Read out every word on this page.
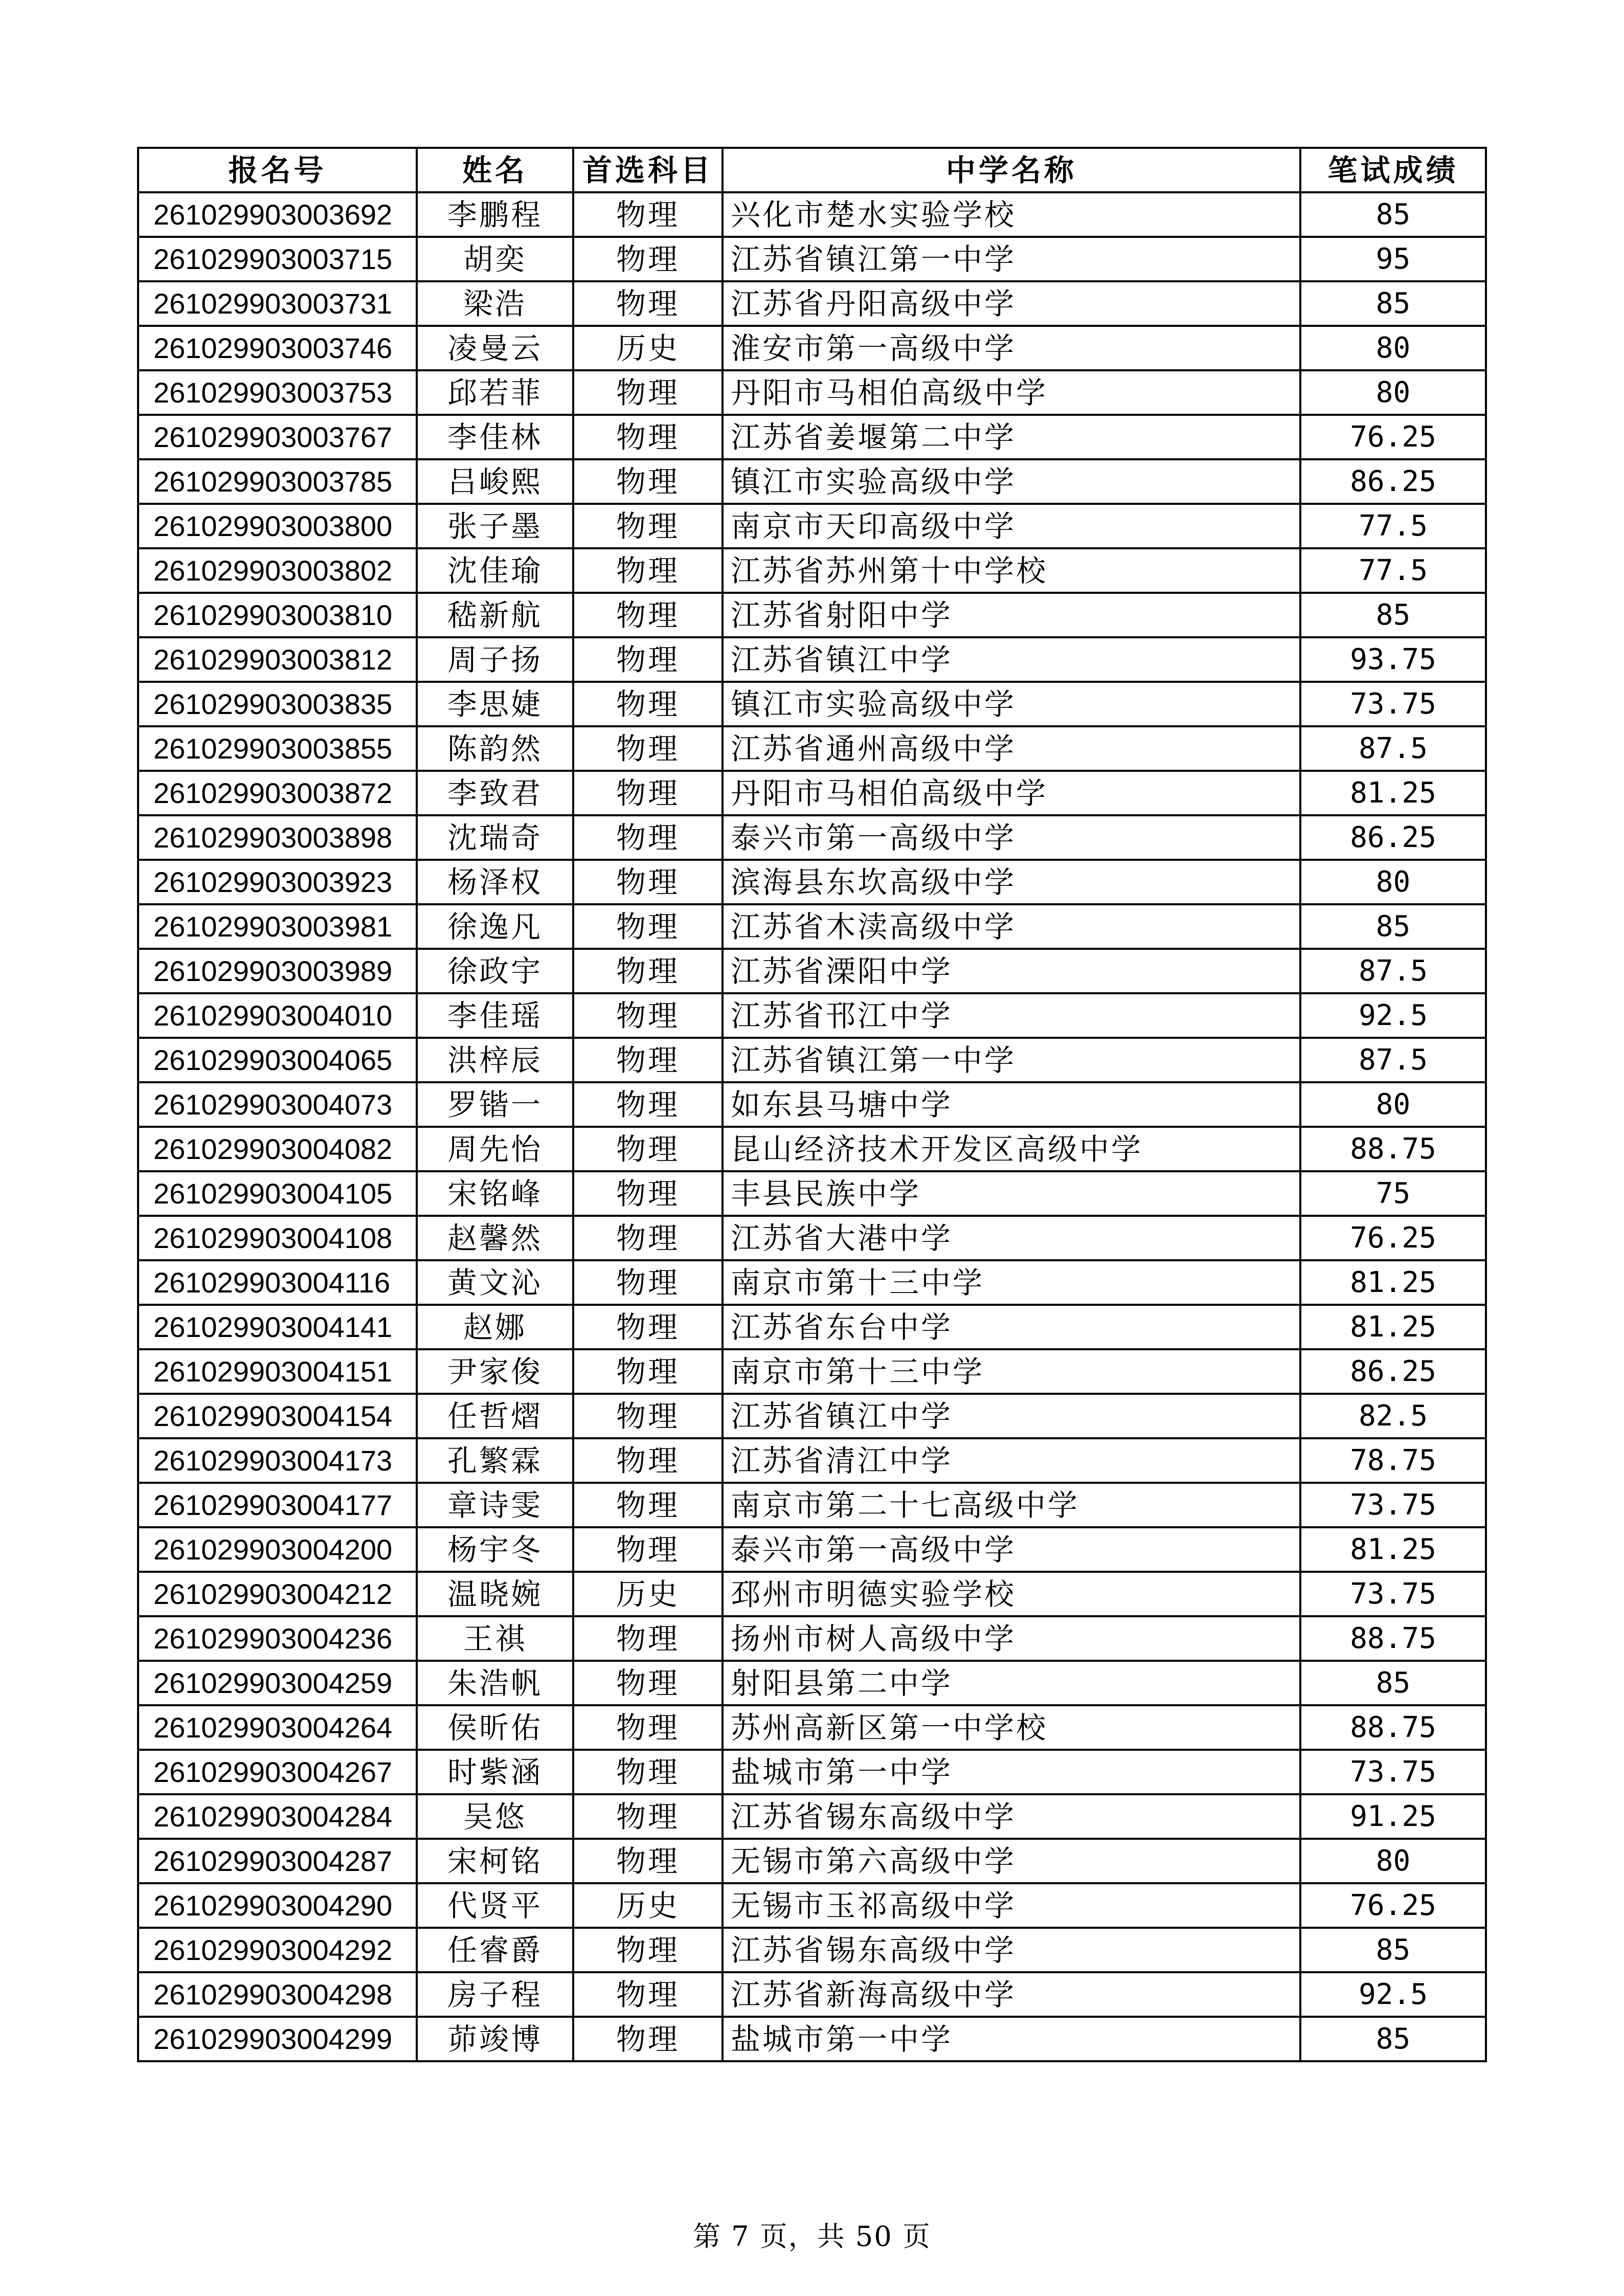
报名号	姓名	首选科目	中学名称	笔试成绩
261029903003692	李鹏程	物理	兴化市楚水实验学校	85
261029903003715	胡奕	物理	江苏省镇江第一中学	95
261029903003731	梁浩	物理	江苏省丹阳高级中学	85
261029903003746	凌曼云	历史	淮安市第一高级中学	80
261029903003753	邱若菲	物理	丹阳市马相伯高级中学	80
261029903003767	李佳林	物理	江苏省姜堰第二中学	76.25
261029903003785	吕峻熙	物理	镇江市实验高级中学	86.25
261029903003800	张子墨	物理	南京市天印高级中学	77.5
261029903003802	沈佳瑜	物理	江苏省苏州第十中学校	77.5
261029903003810	嵇新航	物理	江苏省射阳中学	85
261029903003812	周子扬	物理	江苏省镇江中学	93.75
261029903003835	李思婕	物理	镇江市实验高级中学	73.75
261029903003855	陈韵然	物理	江苏省通州高级中学	87.5
261029903003872	李致君	物理	丹阳市马相伯高级中学	81.25
261029903003898	沈瑞奇	物理	泰兴市第一高级中学	86.25
261029903003923	杨泽权	物理	滨海县东坎高级中学	80
261029903003981	徐逸凡	物理	江苏省木渎高级中学	85
261029903003989	徐政宇	物理	江苏省溧阳中学	87.5
261029903004010	李佳瑶	物理	江苏省邗江中学	92.5
261029903004065	洪梓辰	物理	江苏省镇江第一中学	87.5
261029903004073	罗锴一	物理	如东县马塘中学	80
261029903004082	周先怡	物理	昆山经济技术开发区高级中学	88.75
261029903004105	宋铭峰	物理	丰县民族中学	75
261029903004108	赵馨然	物理	江苏省大港中学	76.25
261029903004116	黄文沁	物理	南京市第十三中学	81.25
261029903004141	赵娜	物理	江苏省东台中学	81.25
261029903004151	尹家俊	物理	南京市第十三中学	86.25
261029903004154	任哲熠	物理	江苏省镇江中学	82.5
261029903004173	孔繁霖	物理	江苏省清江中学	78.75
261029903004177	章诗雯	物理	南京市第二十七高级中学	73.75
261029903004200	杨宇冬	物理	泰兴市第一高级中学	81.25
261029903004212	温晓婉	历史	邳州市明德实验学校	73.75
261029903004236	王祺	物理	扬州市树人高级中学	88.75
261029903004259	朱浩帆	物理	射阳县第二中学	85
261029903004264	侯昕佑	物理	苏州高新区第一中学校	88.75
261029903004267	时紫涵	物理	盐城市第一中学	73.75
261029903004284	吴悠	物理	江苏省锡东高级中学	91.25
261029903004287	宋柯铭	物理	无锡市第六高级中学	80
261029903004290	代贤平	历史	无锡市玉祁高级中学	76.25
261029903004292	任睿爵	物理	江苏省锡东高级中学	85
261029903004298	房子程	物理	江苏省新海高级中学	92.5
261029903004299	茆竣博	物理	盐城市第一中学	85
第 7 页，共 50 页
